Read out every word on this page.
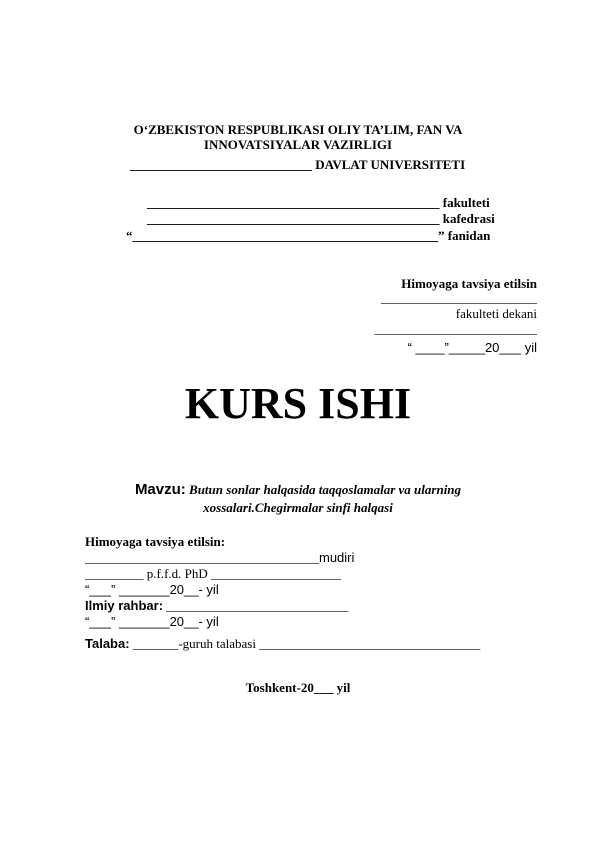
O‘ZBEKISTON RESPUBLIKASI OLIY TA’LIM, FAN VA
INNOVATSIYALAR VAZIRLIGI
____________________________ DAVLAT UNIVERSITETI
_____________________________________________ fakulteti
_____________________________________________ kafedrasi
“_______________________________________________” fanidan
Himoyaga tavsiya etilsin
________________________
fakulteti dekani
_________________________
“ ____”_____20___ yil
KURS ISHI
Mavzu: Butun sonlar halqasida taqqoslamalar va ularning
xossalari.Chegirmalar sinfi halqasi
Himoyaga tavsiya etilsin:
____________________________________mudiri
_________ p.f.f.d. PhD ____________________
“___” _______20__- yil
Ilmiy rahbar: ____________________________
“___” _______20__- yil
Talaba: _______-guruh talabasi __________________________________
Toshkent-20___ yil
